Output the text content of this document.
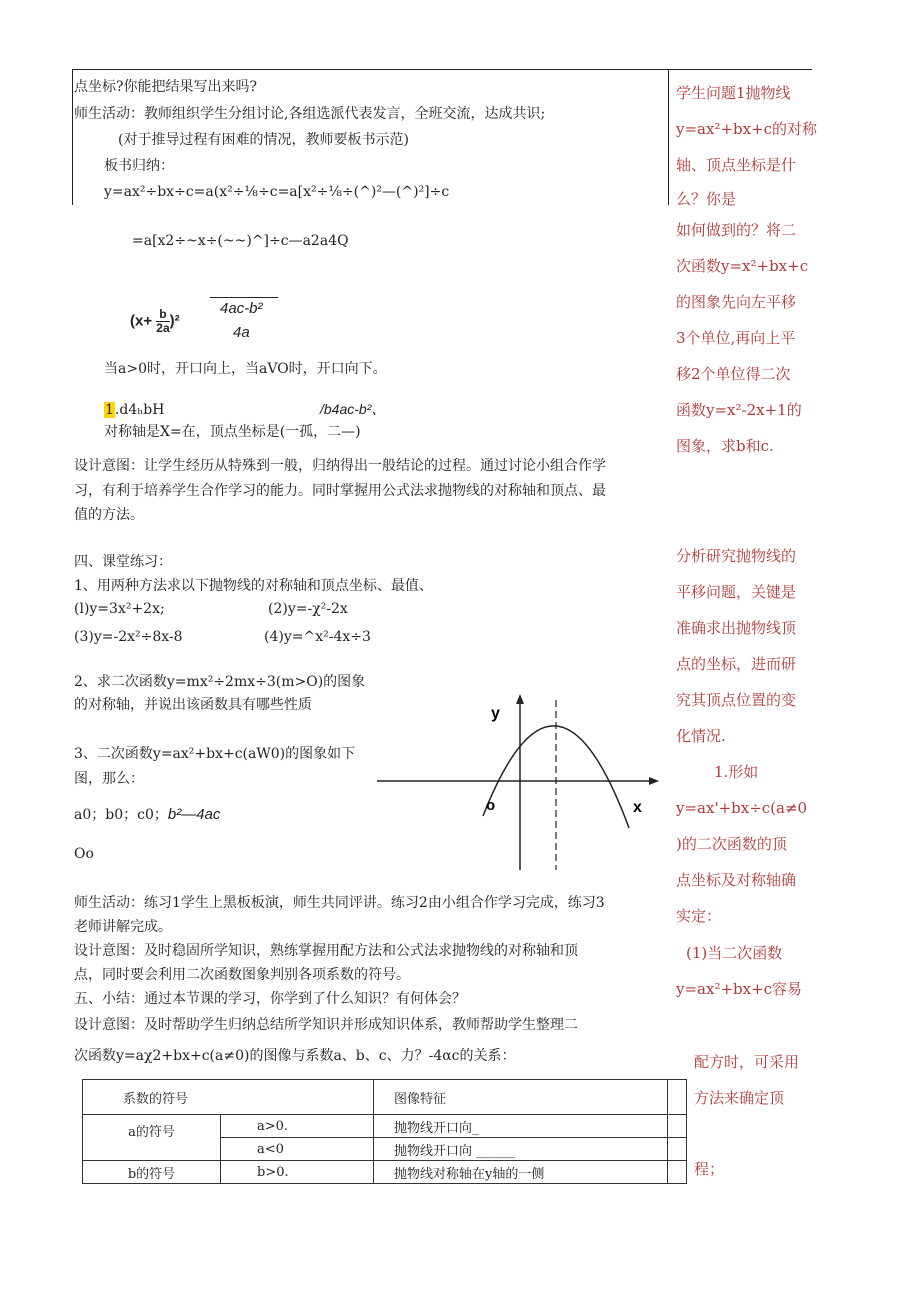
点坐标?你能把结果写出来吗?
师生活动：教师组织学生分组讨论,各组选派代表发言，全班交流，达成共识;
(对于推导过程有困难的情况，教师要板书示范)
板书归纳：
y=ax²÷bx÷c=a(x²÷⅛÷c=a[x²÷⅛÷(^)²—(^)²]÷c
=a[x2÷~x÷(~~)^]÷c—a2a4Q
$(x+ \frac{b}{2a} )^2$
4ac-b²
4a
当a>0时，开口向上，当aVO时，开口向下。
1.d4ₕbH	/b4ac-b²、
对称轴是X=在，顶点坐标是(一孤，二—)
设计意图：让学生经历从特殊到一般，归纳得出一般结论的过程。通过讨论小组合作学
习，有利于培养学生合作学习的能力。同时掌握用公式法求抛物线的对称轴和顶点、最
值的方法。
四、课堂练习：
1、用两种方法求以下抛物线的对称轴和顶点坐标、最值、
(l)y=3x²+2x;	(2)y=-χ²-2x
(3)y=-2x²÷8x-8	(4)y=^x²-4x÷3
2、求二次函数y=mx²÷2mx÷3(m>O)的图象
的对称轴，并说出该函数具有哪些性质
3、二次函数y=ax²+bx+c(aW0)的图象如下
图，那么：
a0；b0；c0；b²—4ac
Oo
y
x
o
师生活动：练习1学生上黑板板演，师生共同评讲。练习2由小组合作学习完成，练习3
老师讲解完成。
设计意图：及时稳固所学知识，熟练掌握用配方法和公式法求抛物线的对称轴和顶
点，同时要会利用二次函数图象判别各项系数的符号。
五、小结：通过本节课的学习，你学到了什么知识？有何体会？
设计意图：及时帮助学生归纳总结所学知识并形成知识体系，教师帮助学生整理二
次函数y=aχ2+bx+c(a≠0)的图像与系数a、b、c、力？-4αc的关系：
系数的符号		图像特征	
a的符号	a>0.	抛物线开口向_	
	a<0	抛物线开口向 ______	
b的符号	b>0.	抛物线对称轴在y轴的一侧	
学生问题1抛物线
y=ax²+bx+c的对称
轴、顶点坐标是什
么？你是
如何做到的？将二
次函数y=x²+bx+c
的图象先向左平移
3个单位,再向上平
移2个单位得二次
函数y=x²-2x+1的
图象，求b和c.
分析研究抛物线的
平移问题，关键是
准确求出抛物线顶
点的坐标，进而研
究其顶点位置的变
化情况.
1.形如
y=ax'+bx÷c(a≠0
)的二次函数的顶
点坐标及对称轴确
实定：
(1)当二次函数
y=ax²+bx+c容易
配方时，可采用
方法来确定顶
程；
